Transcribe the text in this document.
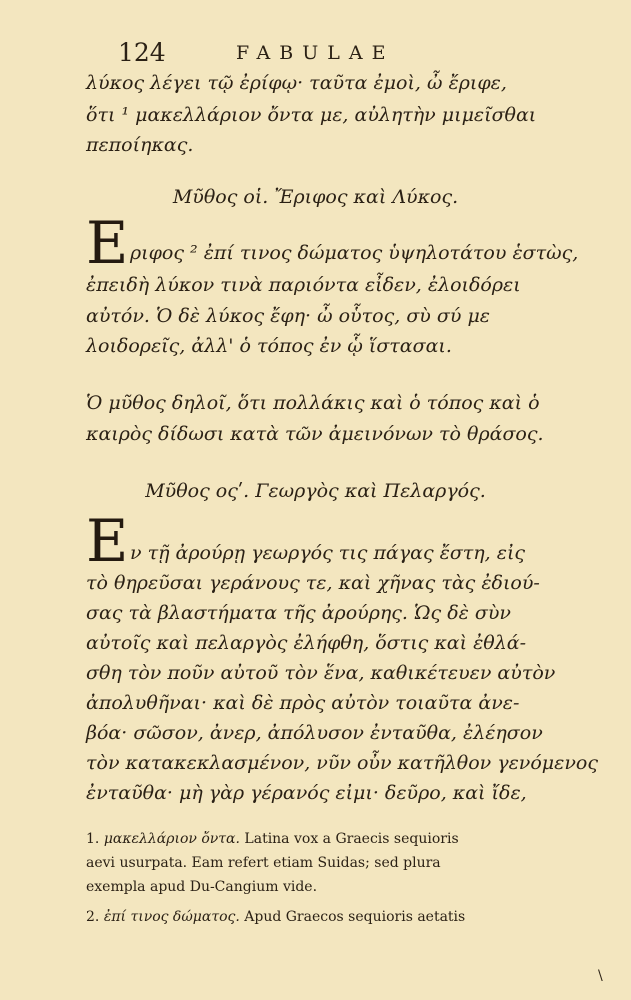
124	FABULAE
λύκος λέγει τῷ ἐρίφῳ· ταῦτα ἐμοὶ, ὦ ἔριφε,
ὅτι ¹ μακελλάριον ὄντα με, αὐλητὴν μιμεῖσθαι
πεποίηκας.
Μῦθος οἱ. Ἔριφος καὶ Λύκος.
Ε ριφος ² ἐπί τινος δώματος ὑψηλοτάτου ἑστὼς,
ἐπειδὴ λύκον τινὰ παριόντα εἶδεν, ἐλοιδόρει
αὐτόν. Ὁ δὲ λύκος ἔφη· ὦ οὗτος, σὺ σύ με
λοιδορεῖς, ἀλλ' ὁ τόπος ἐν ᾧ ἵστασαι.
Ὁ μῦθος δηλοῖ, ὅτι πολλάκις καὶ ὁ τόπος καὶ ὁ
καιρὸς δίδωσι κατὰ τῶν ἀμεινόνων τὸ θράσος.
Μῦθος οςʹ. Γεωργὸς καὶ Πελαργός.
Ε ν τῇ ἀρούρῃ γεωργός τις πάγας ἔστη, εἰς
τὸ θηρεῦσαι γεράνους τε, καὶ χῆνας τὰς ἐδιού-
σας τὰ βλαστήματα τῆς ἀρούρης. Ὡς δὲ σὺν
αὐτοῖς καὶ πελαργὸς ἐλήφθη, ὅστις καὶ ἐθλά-
σθη τὸν ποῦν αὐτοῦ τὸν ἕνα, καθικέτευεν αὐτὸν
ἀπολυθῆναι· καὶ δὲ πρὸς αὐτὸν τοιαῦτα ἀνε-
βόα· σῶσον, ἀνερ, ἀπόλυσον ἐνταῦθα, ἐλέησον
τὸν κατακεκλασμένον, νῦν οὖν κατῆλθον γενόμενος
ἐνταῦθα· μὴ γὰρ γέρανός εἰμι· δεῦρο, καὶ ἴδε,
1. μακελλάριον ὄντα. Latina vox a Graecis sequioris
aevi usurpata. Eam refert etiam Suidas; sed plura
exempla apud Du-Cangium vide.
2. ἐπί τινος δώματος. Apud Graecos sequioris aetatis
\
